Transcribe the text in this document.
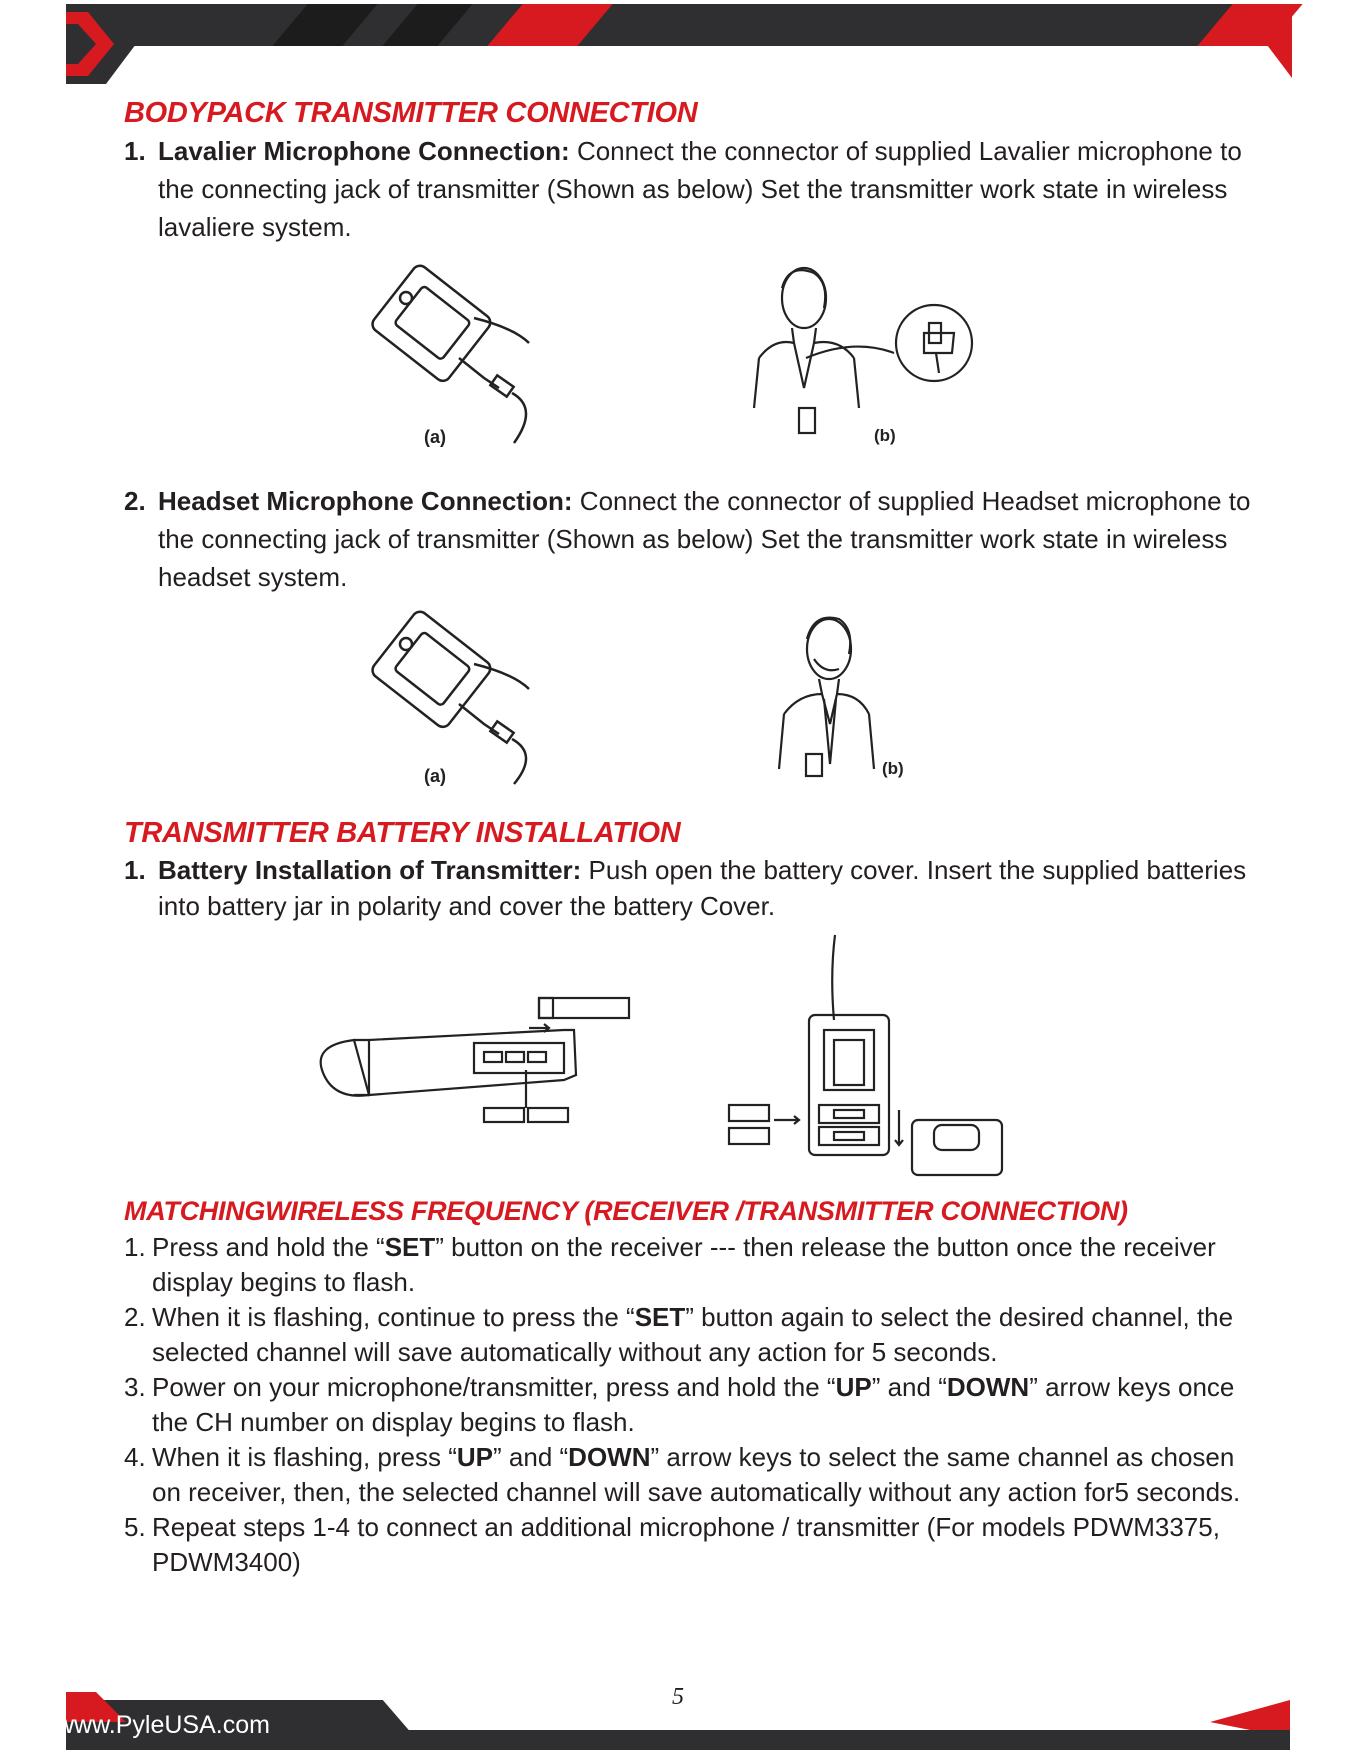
BODYPACK TRANSMITTER CONNECTION

1. Lavalier Microphone Connection: Connect the connector of supplied Lavalier microphone to the connecting jack of transmitter (Shown as below) Set the transmitter work state in wireless lavaliere system.

(a)	(b)

2. Headset Microphone Connection: Connect the connector of supplied Headset microphone to the connecting jack of transmitter (Shown as below) Set the transmitter work state in wireless headset system.

(a)	(b)
TRANSMITTER BATTERY INSTALLATION

1. Battery Installation of Transmitter: Push open the battery cover. Insert the supplied batteries into battery jar in polarity and cover the battery Cover.

MATCHINGWIRELESS FREQUENCY (RECEIVER /TRANSMITTER CONNECTION)

1. Press and hold the “SET” button on the receiver --- then release the button once the receiver display begins to flash.

2. When it is flashing, continue to press the “SET” button again to select the desired channel, the selected channel will save automatically without any action for 5 seconds.

3. Power on your microphone/transmitter, press and hold the “UP” and “DOWN” arrow keys once the CH number on display begins to flash.

4. When it is flashing, press “UP” and “DOWN” arrow keys to select the same channel as chosen on receiver, then, the selected channel will save automatically without any action for5 seconds.

5. Repeat steps 1-4 to connect an additional microphone / transmitter (For models PDWM3375, PDWM3400)

5
www.PyleUSA.com
